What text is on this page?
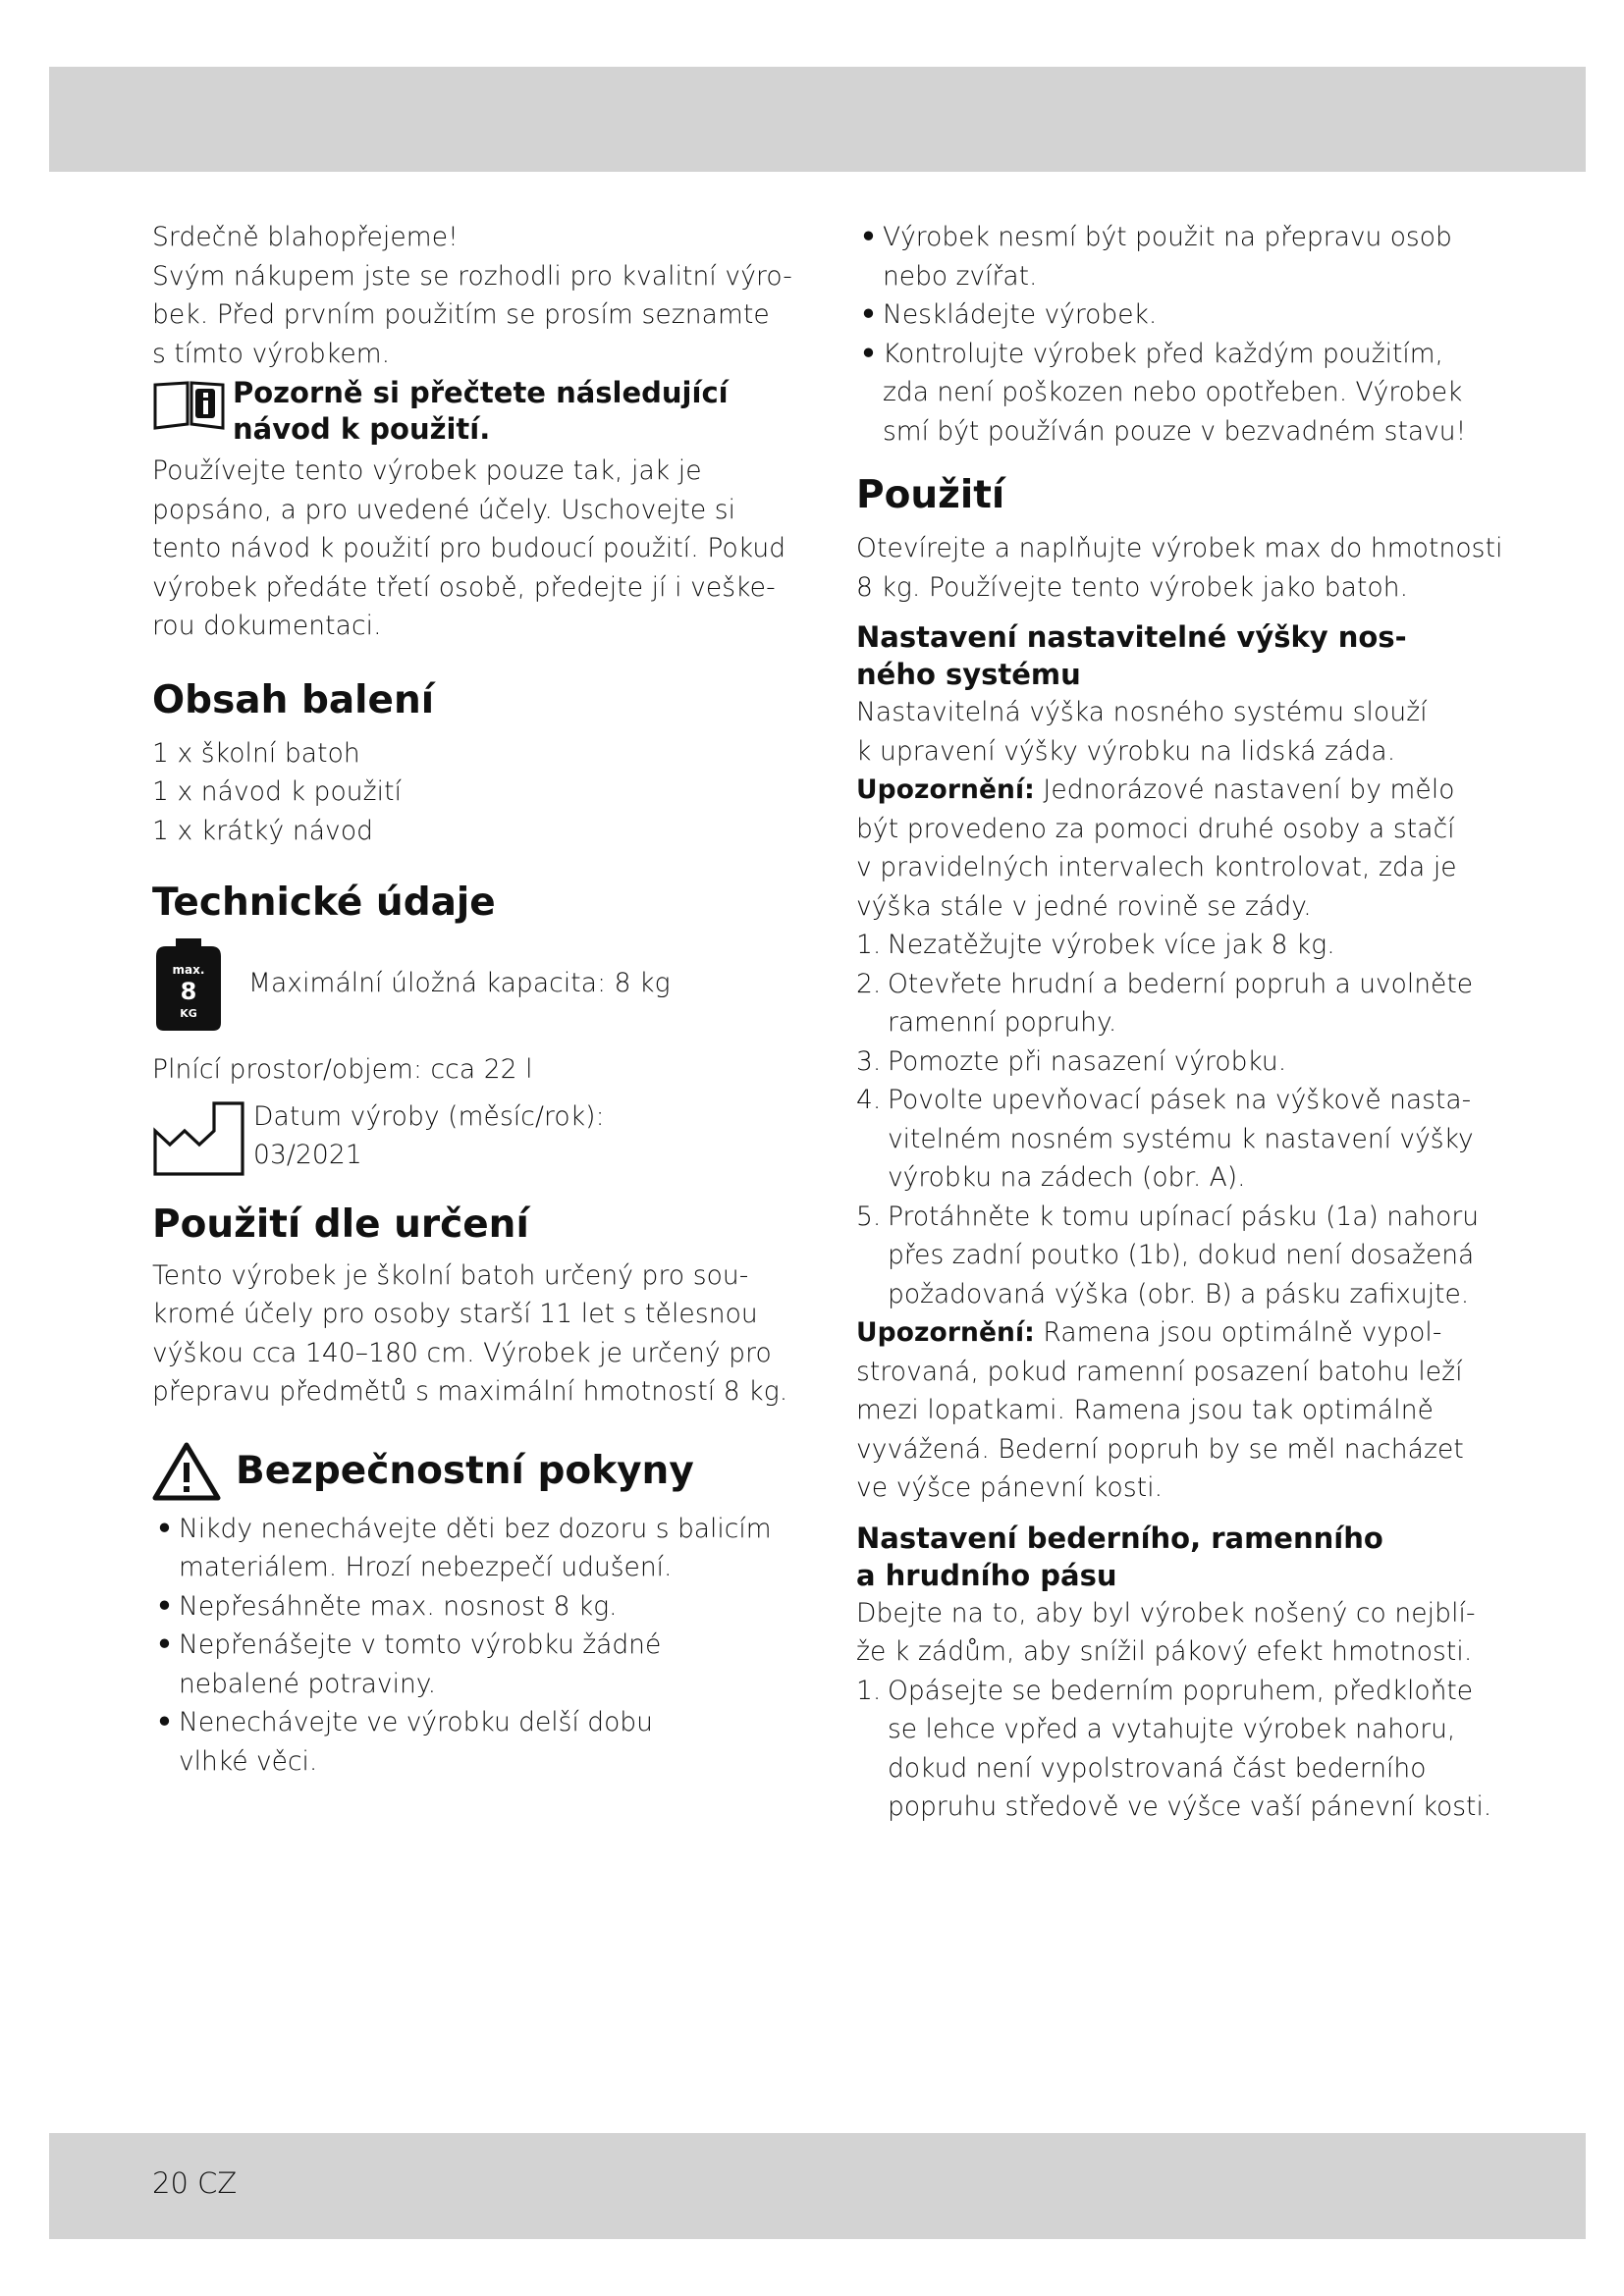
Srdečně blahopřejeme!
Svým nákupem jste se rozhodli pro kvalitní výro-
bek. Před prvním použitím se prosím seznamte
s tímto výrobkem.

Pozorně si přečtete následující
návod k použití.

Používejte tento výrobek pouze tak, jak je
popsáno, a pro uvedené účely. Uschovejte si
tento návod k použití pro budoucí použití. Pokud
výrobek předáte třetí osobě, předejte jí i veške-
rou dokumentaci.

Obsah balení

1 x školní batoh
1 x návod k použití
1 x krátký návod

Technické údaje
max.
8
KG

Maximální úložná kapacita: 8 kg

Plnící prostor/objem: cca 22 l

Datum výroby (měsíc/rok):
03/2021

Použití dle určení

Tento výrobek je školní batoh určený pro sou-
kromé účely pro osoby starší 11 let s tělesnou
výškou cca 140–180 cm. Výrobek je určený pro
přepravu předmětů s maximální hmotností 8 kg.

Bezpečnostní pokyny
• Nikdy nenechávejte děti bez dozoru s balicím
materiálem. Hrozí nebezpečí udušení.
• Nepřesáhněte max. nosnost 8 kg.
• Nepřenášejte v tomto výrobku žádné
nebalené potraviny.
• Nenechávejte ve výrobku delší dobu
vlhké věci.
• Výrobek nesmí být použit na přepravu osob
nebo zvířat.
• Neskládejte výrobek.
• Kontrolujte výrobek před každým použitím,
zda není poškozen nebo opotřeben. Výrobek
smí být používán pouze v bezvadném stavu!
Použití

Otevírejte a naplňujte výrobek max do hmotnosti
8 kg. Používejte tento výrobek jako batoh.

Nastavení nastavitelné výšky nos-
ného systému

Nastavitelná výška nosného systému slouží
k upravení výšky výrobku na lidská záda.
Upozornění: Jednorázové nastavení by mělo
být provedeno za pomoci druhé osoby a stačí
v pravidelných intervalech kontrolovat, zda je
výška stále v jedné rovině se zády.

1. Nezatěžujte výrobek více jak 8 kg.
2. Otevřete hrudní a bederní popruh a uvolněte
ramenní popruhy.
3. Pomozte při nasazení výrobku.
4. Povolte upevňovací pásek na výškově nasta-
vitelném nosném systému k nastavení výšky
výrobku na zádech (obr. A).
5. Protáhněte k tomu upínací pásku (1a) nahoru
přes zadní poutko (1b), dokud není dosažená
požadovaná výška (obr. B) a pásku zafixujte.

Upozornění: Ramena jsou optimálně vypol-
strovaná, pokud ramenní posazení batohu leží
mezi lopatkami. Ramena jsou tak optimálně
vyvážená. Bederní popruh by se měl nacházet
ve výšce pánevní kosti.

Nastavení bederního, ramenního
a hrudního pásu

Dbejte na to, aby byl výrobek nošený co nejblí-
že k zádům, aby snížil pákový efekt hmotnosti.

1. Opásejte se bederním popruhem, předkloňte
se lehce vpřed a vytahujte výrobek nahoru,
dokud není vypolstrovaná část bederního
popruhu středově ve výšce vaší pánevní kosti.
20 CZ
